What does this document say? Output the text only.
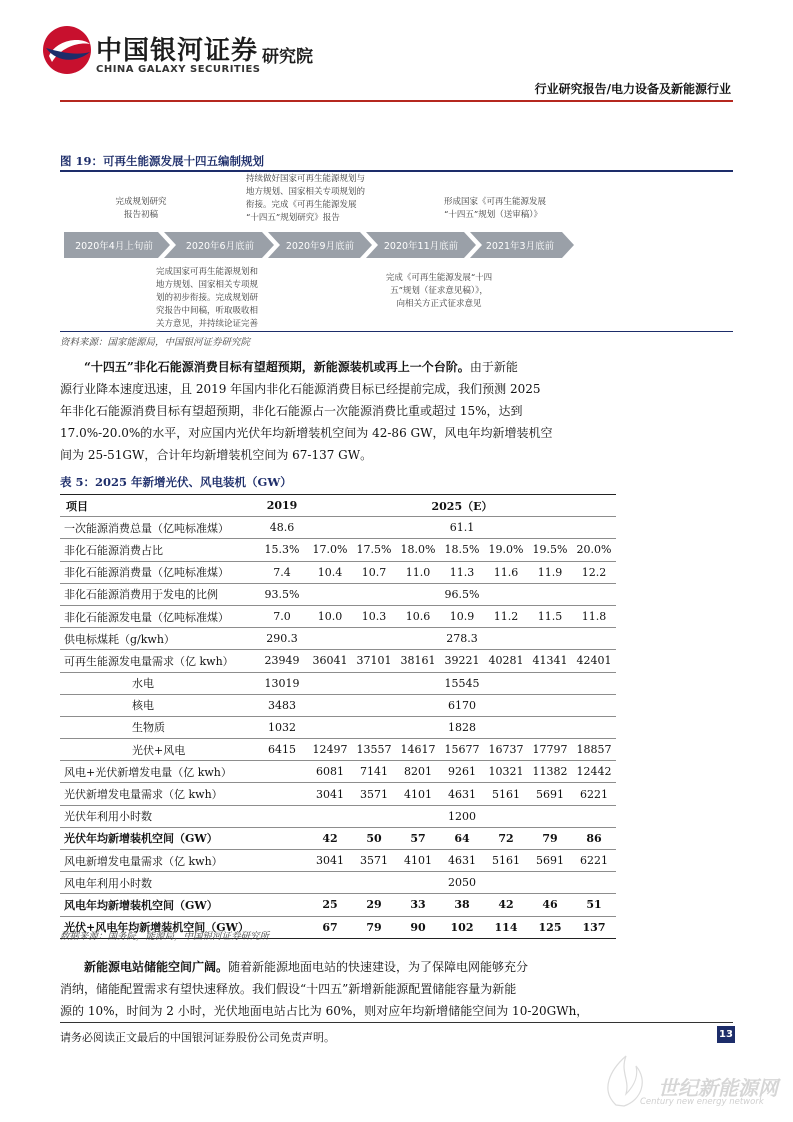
中国银河证券 研究院
CHINA GALAXY SECURITIES
行业研究报告/电力设备及新能源行业
图 19：可再生能源发展十四五编制规划
完成规划研究
报告初稿
持续做好国家可再生能源规划与
地方规划、国家相关专项规划的
衔接。完成《可再生能源发展
“十四五”规划研究》报告
形成国家《可再生能源发展
“十四五”规划（送审稿）》
2020年4月上旬前	2020年6月底前	2020年9月底前	2020年11月底前	2021年3月底前
完成国家可再生能源规划和
地方规划、国家相关专项规
划的初步衔接。完成规划研
究报告中间稿，听取吸收相
关方意见，并持续论证完善
完成《可再生能源发展“十四
五”规划（征求意见稿）》，
向相关方正式征求意见
资料来源：国家能源局，中国银河证券研究院
“十四五”非化石能源消费目标有望超预期，新能源装机或再上一个台阶。由于新能
源行业降本速度迅速，且 2019 年国内非化石能源消费目标已经提前完成，我们预测 2025
年非化石能源消费目标有望超预期，非化石能源占一次能源消费比重或超过 15%，达到
17.0%-20.0%的水平，对应国内光伏年均新增装机空间为 42-86 GW，风电年均新增装机空
间为 25-51GW，合计年均新增装机空间为 67-137 GW。
表 5：2025 年新增光伏、风电装机（GW）
项目	2019	2025（E）						
一次能源消费总量（亿吨标准煤）	48.6	61.1						
非化石能源消费占比	15.3%	17.0%	17.5%	18.0%	18.5%	19.0%	19.5%	20.0%
非化石能源消费量（亿吨标准煤）	7.4	10.4	10.7	11.0	11.3	11.6	11.9	12.2
非化石能源消费用于发电的比例	93.5%	96.5%						
非化石能源发电量（亿吨标准煤）	7.0	10.0	10.3	10.6	10.9	11.2	11.5	11.8
供电标煤耗（g/kwh）	290.3	278.3						
可再生能源发电量需求（亿 kwh）	23949	36041	37101	38161	39221	40281	41341	42401
水电	13019	15545						
核电	3483	6170						
生物质	1032	1828						
光伏+风电	6415	12497	13557	14617	15677	16737	17797	18857
风电+光伏新增发电量（亿 kwh）		6081	7141	8201	9261	10321	11382	12442
光伏新增发电量需求（亿 kwh）		3041	3571	4101	4631	5161	5691	6221
光伏年利用小时数		1200						
光伏年均新增装机空间（GW）		42	50	57	64	72	79	86
风电新增发电量需求（亿 kwh）		3041	3571	4101	4631	5161	5691	6221
风电年利用小时数		2050						
风电年均新增装机空间（GW）		25	29	33	38	42	46	51
光伏+风电年均新增装机空间（GW）		67	79	90	102	114	125	137
数据来源：国务院，能源局，中国银河证券研究所
新能源电站储能空间广阔。随着新能源地面电站的快速建设，为了保障电网能够充分
消纳，储能配置需求有望快速释放。我们假设“十四五”新增新能源配置储能容量为新能
源的 10%，时间为 2 小时，光伏地面电站占比为 60%，则对应年均新增储能空间为 10-20GWh，
请务必阅读正文最后的中国银河证券股份公司免责声明。	13
世纪新能源网
Century new energy network
